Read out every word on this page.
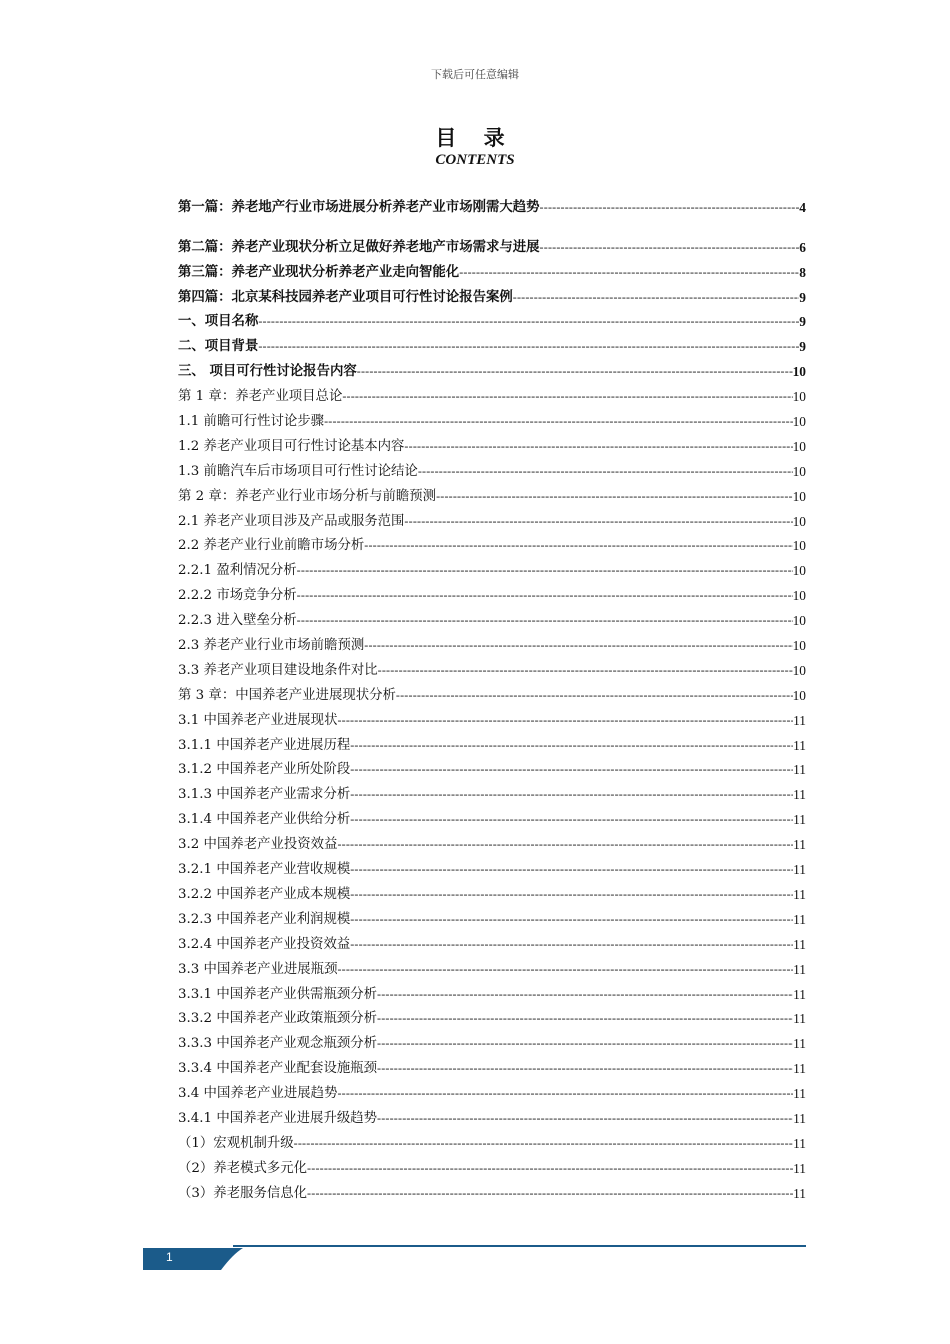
下载后可任意编辑
目 录
CONTENTS
第一篇：养老地产行业市场进展分析养老产业市场刚需大趋势 -----	4
第二篇：养老产业现状分析立足做好养老地产市场需求与进展 -----	6
第三篇：养老产业现状分析养老产业走向智能化 -----	8
第四篇：北京某科技园养老产业项目可行性讨论报告案例 -----	9
一、项目名称 -----	9
二、项目背景 -----	9
三、 项目可行性讨论报告内容 -----	10
第 1 章：养老产业项目总论 -----	10
1.1 前瞻可行性讨论步骤 -----	10
1.2 养老产业项目可行性讨论基本内容 -----	10
1.3 前瞻汽车后市场项目可行性讨论结论 -----	10
第 2 章：养老产业行业市场分析与前瞻预测 -----	10
2.1 养老产业项目涉及产品或服务范围 -----	10
2.2 养老产业行业前瞻市场分析 -----	10
2.2.1 盈利情况分析 -----	10
2.2.2 市场竞争分析 -----	10
2.2.3 进入壁垒分析 -----	10
2.3 养老产业行业市场前瞻预测 -----	10
3.3 养老产业项目建设地条件对比 -----	10
第 3 章：中国养老产业进展现状分析 -----	10
3.1 中国养老产业进展现状 -----	11
3.1.1 中国养老产业进展历程 -----	11
3.1.2 中国养老产业所处阶段 -----	11
3.1.3 中国养老产业需求分析 -----	11
3.1.4 中国养老产业供给分析 -----	11
3.2 中国养老产业投资效益 -----	11
3.2.1 中国养老产业营收规模 -----	11
3.2.2 中国养老产业成本规模 -----	11
3.2.3 中国养老产业利润规模 -----	11
3.2.4 中国养老产业投资效益 -----	11
3.3 中国养老产业进展瓶颈 -----	11
3.3.1 中国养老产业供需瓶颈分析 -----	11
3.3.2 中国养老产业政策瓶颈分析 -----	11
3.3.3 中国养老产业观念瓶颈分析 -----	11
3.3.4 中国养老产业配套设施瓶颈 -----	11
3.4 中国养老产业进展趋势 -----	11
3.4.1 中国养老产业进展升级趋势 -----	11
（1）宏观机制升级 -----	11
（2）养老模式多元化 -----	11
（3）养老服务信息化 -----	11
1
